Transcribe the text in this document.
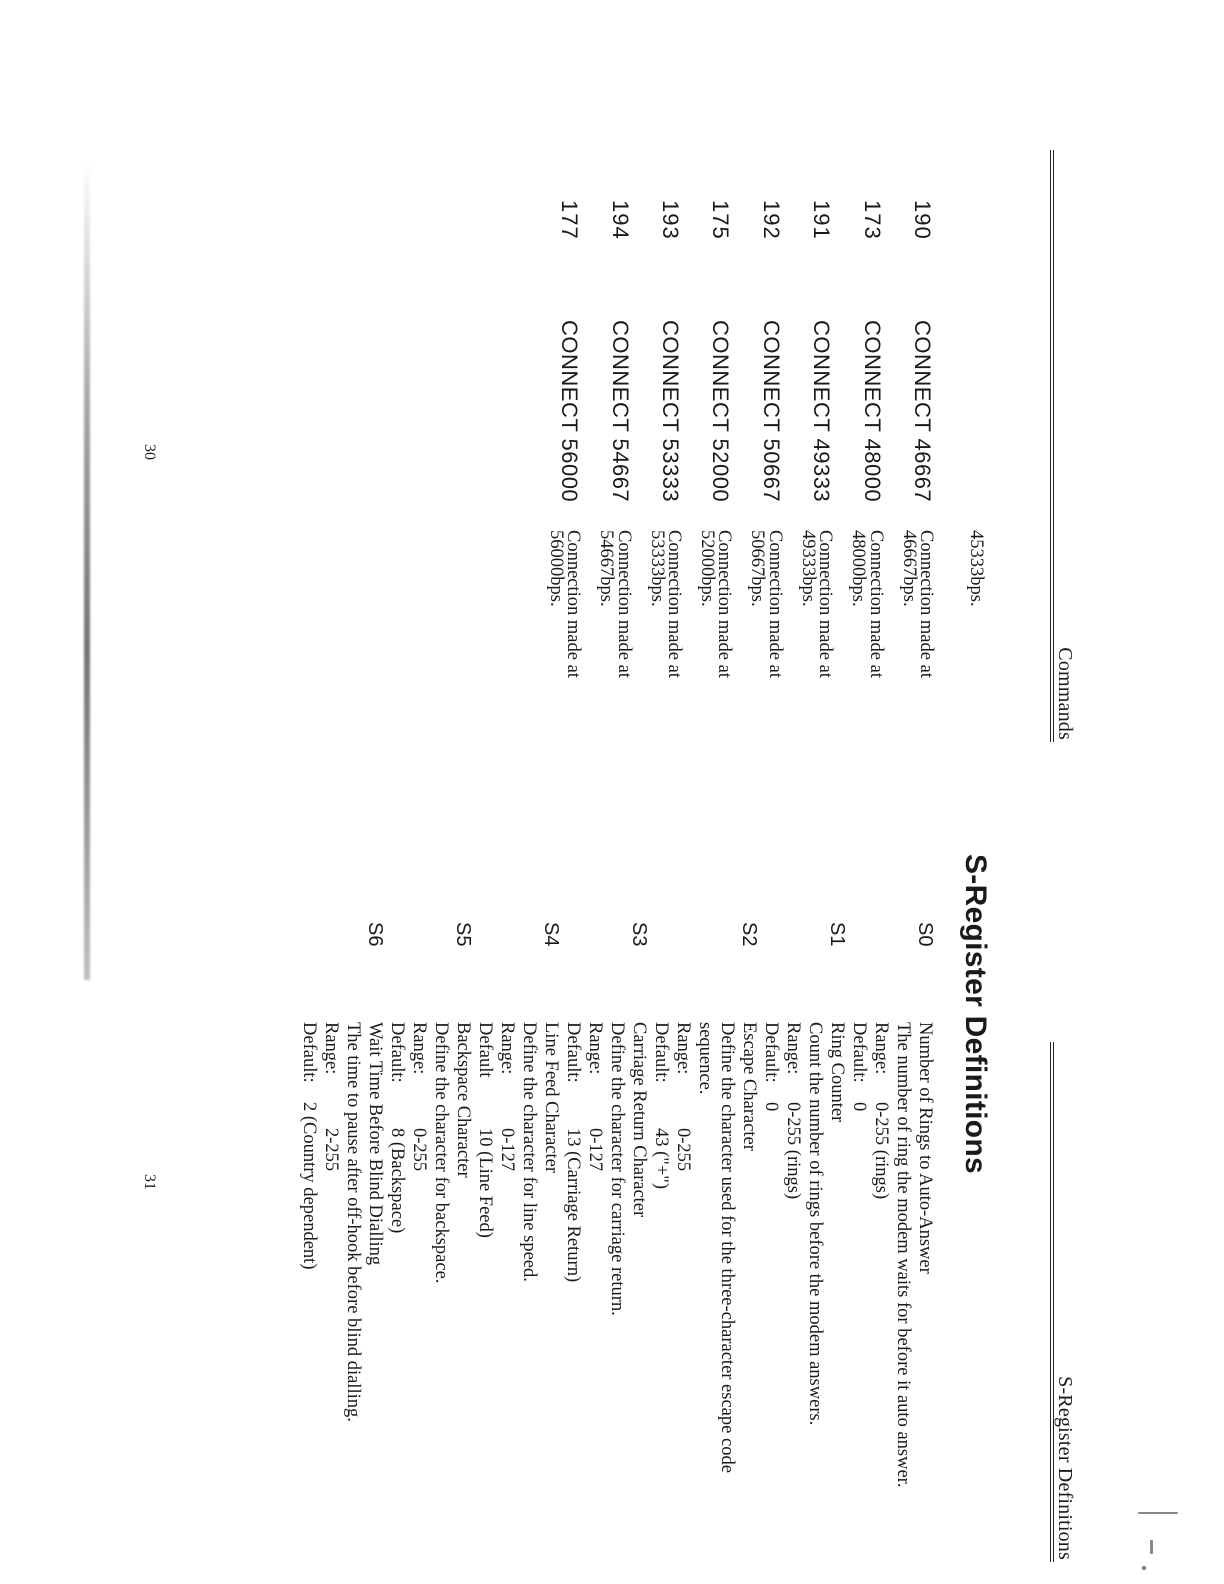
Commands
45333bps.
190
CONNECT 46667
Connection made at 46667bps.
173
CONNECT 48000
Connection made at 48000bps.
191
CONNECT 49333
Connection made at 49333bps.
192
CONNECT 50667
Connection made at 50667bps.
175
CONNECT 52000
Connection made at 52000bps.
193
CONNECT 53333
Connection made at 53333bps.
194
CONNECT 54667
Connection made at 54667bps.
177
CONNECT 56000
Connection made at 56000bps.
30
S-Register Definitions
S-Register Definitions
S0
Number of Rings to Auto-Answer
The number of ring the modem waits for before it auto answer.
Range:0-255 (rings)
Default:0
S1
Ring Counter
Count the number of rings before the modem answers.
Range:0-255 (rings)
Default:0
S2
Escape Character
Define the character used for the three-character escape code sequence.
Range:0-255
Default:43 ("+")
S3
Carriage Return Character
Define the character for carriage return.
Range:0-127
Default:13 (Carriage Return)
S4
Line Feed Character
Define the character for line speed.
Range:0-127
Default10 (Line Feed)
S5
Backspace Character
Define the character for backspace.
Range:0-255
Default:8 (Backspace)
S6
Wait Time Before Blind Dialling
The time to pause after off-hook before blind dialling.
Range:2-255
Default:2 (Country dependent)
31
